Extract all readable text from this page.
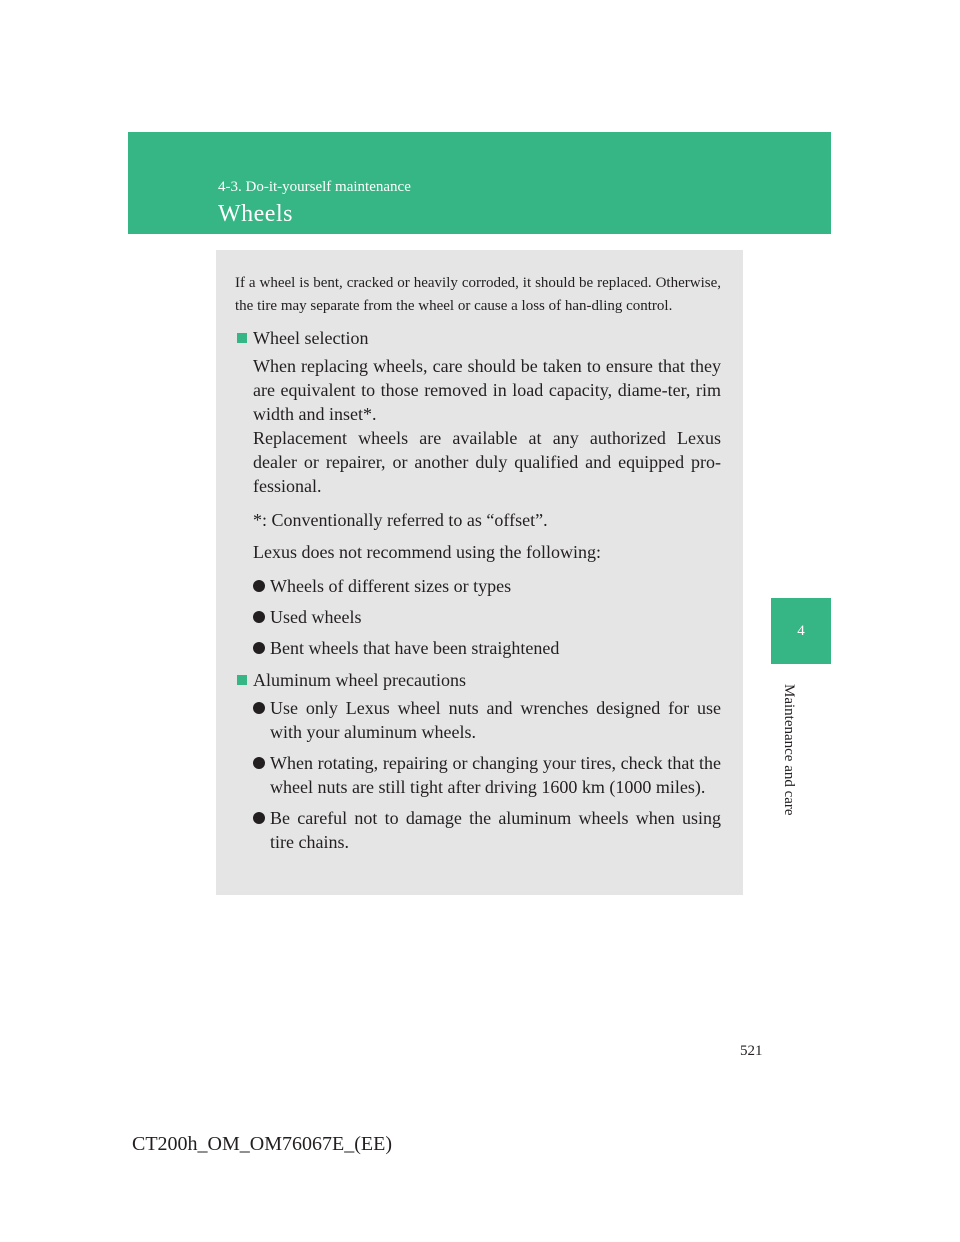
4-3. Do-it-yourself maintenance
Wheels
4
Maintenance and care

If a wheel is bent, cracked or heavily corroded, it should be replaced. Otherwise, the tire may separate from the wheel or cause a loss of han-dling control.

Wheel selection

When replacing wheels, care should be taken to ensure that they are equivalent to those removed in load capacity, diame-ter, rim width and inset*.

Replacement wheels are available at any authorized Lexus dealer or repairer, or another duly qualified and equipped pro-fessional.

*: Conventionally referred to as “offset”.

Lexus does not recommend using the following:

Wheels of different sizes or types
Used wheels
Bent wheels that have been straightened
Aluminum wheel precautions
Use only Lexus wheel nuts and wrenches designed for use with your aluminum wheels.
When rotating, repairing or changing your tires, check that the wheel nuts are still tight after driving 1600 km (1000 miles).
Be careful not to damage the aluminum wheels when using tire chains.
521
CT200h_OM_OM76067E_(EE)
